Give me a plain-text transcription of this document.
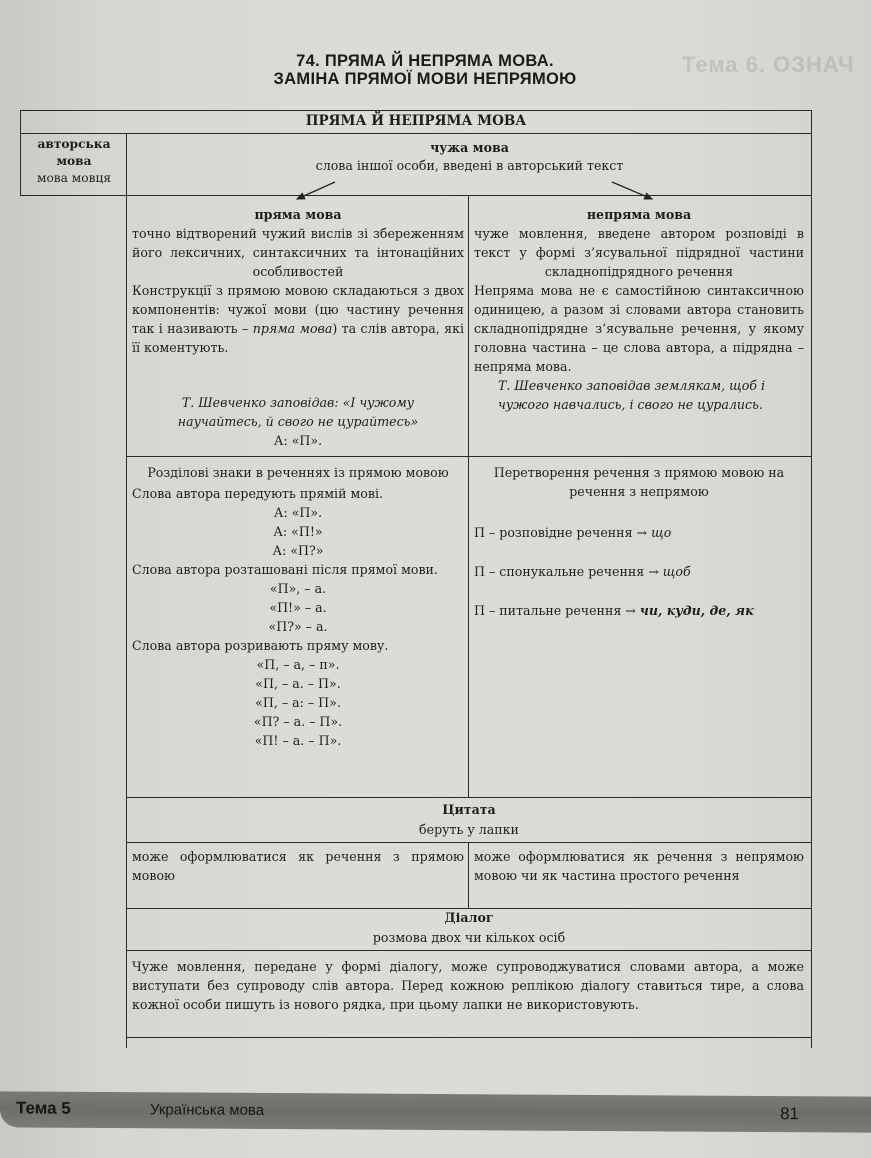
Тема 6. ОЗНАЧ
74. ПРЯМА Й НЕПРЯМА МОВА.
ЗАМІНА ПРЯМОЇ МОВИ НЕПРЯМОЮ
ПРЯМА Й НЕПРЯМА МОВА
авторська
мова
мова мовця
чужа мова
слова іншої особи, введені в авторський текст
пряма мова
точно відтворений чужий вислів зі збереженням його лексичних, синтаксичних та інтонаційних особливостей
Конструкції з прямою мовою складаються з двох компонентів: чужої мови (цю частину речення так і називають – пряма мова) та слів автора, які її коментують.
Т. Шевченко заповідав: «І чужому научайтесь, й свого не цурайтесь»
А: «П».
непряма мова
чуже мовлення, введене автором розповіді в текст у формі з’ясувальної підрядної частини складнопідрядного речення
Непряма мова не є самостійною синтаксичною одиницею, а разом зі словами автора становить складнопідрядне з’ясувальне речення, у якому головна частина – це слова автора, а підрядна – непряма мова.
Т. Шевченко заповідав землякам, щоб і чужого навчались, і свого не цурались.
Розділові знаки в реченнях із прямою мовою
Слова автора передують прямій мові.
А: «П».
А: «П!»
А: «П?»
Слова автора розташовані після прямої мови.
«П», – а.
«П!» – а.
«П?» – а.
Слова автора розривають пряму мову.
«П, – а, – п».
«П, – а. – П».
«П, – а: – П».
«П? – а. – П».
«П! – а. – П».
Перетворення речення з прямою мовою на речення з непрямою
П – розповідне речення → що
П – спонукальне речення → щоб
П – питальне речення → чи, куди, де, як
Цитата
беруть у лапки
може оформлюватися як речення з прямою мовою
може оформлюватися як речення з непрямою мовою чи як частина простого речення
Діалог
розмова двох чи кількох осіб
Чуже мовлення, передане у формі діалогу, може супроводжуватися словами автора, а може виступати без супроводу слів автора. Перед кожною реплікою діалогу ставиться тире, а слова кожної особи пишуть із нового рядка, при цьому лапки не використовують.
Тема 5	Українська мова	81
